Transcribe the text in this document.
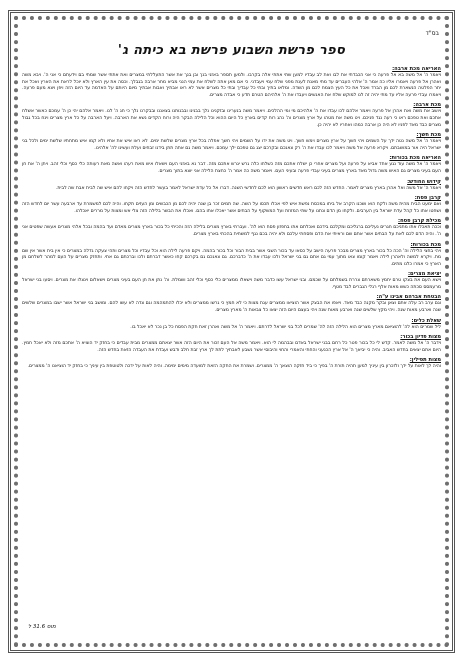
בס"ד
ספר פרשת השבוע פרשת בא כיתה ג'

האריאה מכת ארבה:

ויאמר ה' אל משה בא אל פרעה כי אני הכבדתי את לבו ואת לב עבדיו למען שתי אתתי אלה בקרבו. ולמען תספר באזני בנך ובן בנך את אשר התעללתי במצרים ואת אתתי אשר שמתי בם וידעתם כי אני ה'. ויבא משה ואהרן אל פרעה ויאמרו אליו כה אמר ה' אלהי העברים עד מתי מאנת לענת מפני שלח עמי ויעבדני. כי אם מאן אתה לשלח את עמי הנני מביא מחר ארבה בגבלך. וכסה את עין הארץ ולא יוכל לראת את הארץ ואכל את יתר הפלטה הנשארת לכם מן הברד ואכל את כל העץ הצמח לכם מן השדה. ומלאו בתיך ובתי כל עבדיך ובתי כל מצרים אשר לא ראו אבתיך ואבות אבתיך מיום היותם על האדמה עד היום הזה ויפן ויצא מעם פרעה. ויאמרו עבדי פרעה אליו עד מתי יהיה זה לנו למוקש שלח את האנשים ויעבדו את ה' אלהיהם הטרם תדע כי אבדה מצרים.

מכת ארבה:

ויושב את משה ואת אהרן אל פרעה ויאמר אלהם לכו עבדו את ה' אלהיכם מי ומי ההלכים. ויאמר משה בנערינו ובזקנינו נלך בבנינו ובבנותנו בצאננו ובבקרנו נלך כי חג ה' לנו. ויאמר אלהם יהי כן ה' עמכם כאשר אשלח אתכם ואת טפכם ראו כי רעה נגד פניכם. ויט משה את מטהו על ארץ מצרים וה' נהג רוח קדים בארץ כל היום ההוא וכל הלילה הבקר היה ורוח הקדים נשא את הארבה. ויעל הארבה על כל ארץ מצרים וינח בכל גבול מצרים כבד מאד לפניו לא היה כן ארבה כמהו ואחריו לא יהיה כן.

מכת חשך:

ויאמר ה' אל משה נטה ידך על השמים ויהי חשך על ארץ מצרים וימש חשך. ויט משה את ידו על השמים ויהי חשך אפלה בכל ארץ מצרים שלשת ימים. לא ראו איש את אחיו ולא קמו איש מתחתיו שלשת ימים ולכל בני ישראל היה אור במושבתם. ויקרא פרעה אל משה ויאמר לכו עבדו את ה' רק צאנכם ובקרכם יצג גם טפכם ילך עמכם. ויאמר משה גם אתה תתן בידנו זבחים ועלת ועשינו לה' אלהינו.

האריאה מכת בכורות:

ויאמר ה' אל משה עוד נגע אחד אביא על פרעה ועל מצרים אחרי כן ישלח אתכם מזה כשלחו כלה גרש יגרש אתכם מזה. דבר נא באזני העם וישאלו איש מאת רעהו ואשה מאת רעותה כלי כסף וכלי זהב. ויתן ה' את חן העם בעיני מצרים גם האיש משה גדול מאד בארץ מצרים בעיני עבדי פרעה ובעיני העם. ויאמר משה כה אמר ה' כחצת הלילה אני יוצא בתוך מצרים.

קידוש החודש:

ויאמר ה' אל משה ואל אהרן בארץ מצרים לאמר. החדש הזה לכם ראש חדשים ראשון הוא לכם לחדשי השנה. דברו אל כל עדת ישראל לאמר בעשר לחדש הזה ויקחו להם איש שה לבית אבת שה לבית.

קרבן פסח:

ואם ימעט הבית מהית משה ולקח הוא ושכנו הקרב אל ביתו במכסת נפשת איש לפי אכלו תכסו על השה. שה תמים זכר בן שנה יהיה לכם מן הכבשים ומן העזים תקחו. והיה לכם למשמרת עד ארבעה עשר יום לחדש הזה ושחטו אתו כל קהל עדת ישראל בין הערבים. ולקחו מן הדם ונתנו על שתי המזוזת ועל המשקוף על הבתים אשר יאכלו אתו בהם. ואכלו את הבשר בלילה הזה צלי אש ומצות על מררים יאכלהו.

מכילת קרבן פסח:

וככה תאכלו אתו מתניכם חגרים נעליכם ברגליכם ומקלכם בידכם ואכלתם אתו בחפזון פסח הוא לה'. ועברתי בארץ מצרים בלילה הזה והכיתי כל בכור בארץ מצרים מאדם ועד בהמה ובכל אלהי מצרים אעשה שפטים אני ה'. והיה הדם לכם לאת על הבתים אשר אתם שם וראיתי את הדם ופסחתי עלכם ולא יהיה בכם נגף למשחית בהכתי בארץ מצרים.

מכת בכורות:

ויהי בחצי הלילה וה' הכה כל בכור בארץ מצרים מבכר פרעה הישב על כסאו עד בכור השבי אשר בבית הבור וכל בכור בהמה. ויקם פרעה לילה הוא וכל עבדיו וכל מצרים ותהי צעקה גדלה במצרים כי אין בית אשר אין שם מת. ויקרא למשה ולאהרן לילה ויאמר קומו צאו מתוך עמי גם אתם גם בני ישראל ולכו עבדו את ה' כדברכם. גם צאנכם גם בקרכם קחו כאשר דברתם ולכו וברכתם גם אתי. ותחזק מצרים על העם למהר לשלחם מן הארץ כי אמרו כלנו מתים.

יציאת מצרים:

וישא העם את בצקו טרם יחמץ משארתם צררת בשמלתם על שכמם. ובני ישראל עשו כדבר משה וישאלו ממצרים כלי כסף וכלי זהב ושמלת. וה' נתן את חן העם בעיני מצרים וישאלום וינצלו את מצרים. ויסעו בני ישראל מרעמסס סכתה כשש מאות אלף רגלי הגברים לבד מטף.

הבטחת אברהם אבינו ע"ה:

וגם ערב רב עלה אתם וצאן ובקר מקנה כבד מאד. ויאפו את הבצק אשר הוציאו ממצרים עגת מצות כי לא חמץ כי גרשו ממצרים ולא יכלו להתמהמה וגם צדה לא עשו להם. ומושב בני ישראל אשר ישבו במצרים שלשים שנה וארבע מאות שנה. ויהי מקץ שלשים שנה וארבע מאות שנה ויהי בעצם היום הזה יצאו כל צבאות ה' מארץ מצרים.

שאלת כלים:

ליל שמרים הוא לה' להוציאם מארץ מצרים הוא הלילה הזה לה' שמרים לכל בני ישראל לדרתם. ויאמר ה' אל משה ואהרן זאת חקת הפסח כל בן נכר לא יאכל בו.

מצות פדיון בכור:

וידבר ה' אל משה לאמר. קדש לי כל בכור פטר כל רחם בבני ישראל באדם ובבהמה לי הוא. ויאמר משה אל העם זכור את היום הזה אשר יצאתם ממצרים מבית עבדים כי בחזק יד הוציא ה' אתכם מזה ולא יאכל חמץ. היום אתם יצאים בחדש האביב. והיה כי יביאך ה' אל ארץ הכנעני והחתי והאמרי והחוי והיבוסי אשר נשבע לאבתיך לתת לך ארץ זבת חלב ודבש ועבדת את העבדה הזאת בחדש הזה.

מצות תפילין:

והיה לך לאות על ידך ולזכרון בין עיניך למען תהיה תורת ה' בפיך כי ביד חזקה הוצאך ה' ממצרים. ושמרת את החקה הזאת למועדה מימים ימימה. והיה לאות על ידכה ולטוטפת בין עיניך כי בחזק יד הוציאנו ה' ממצרים.

מוס 31.6 ל
